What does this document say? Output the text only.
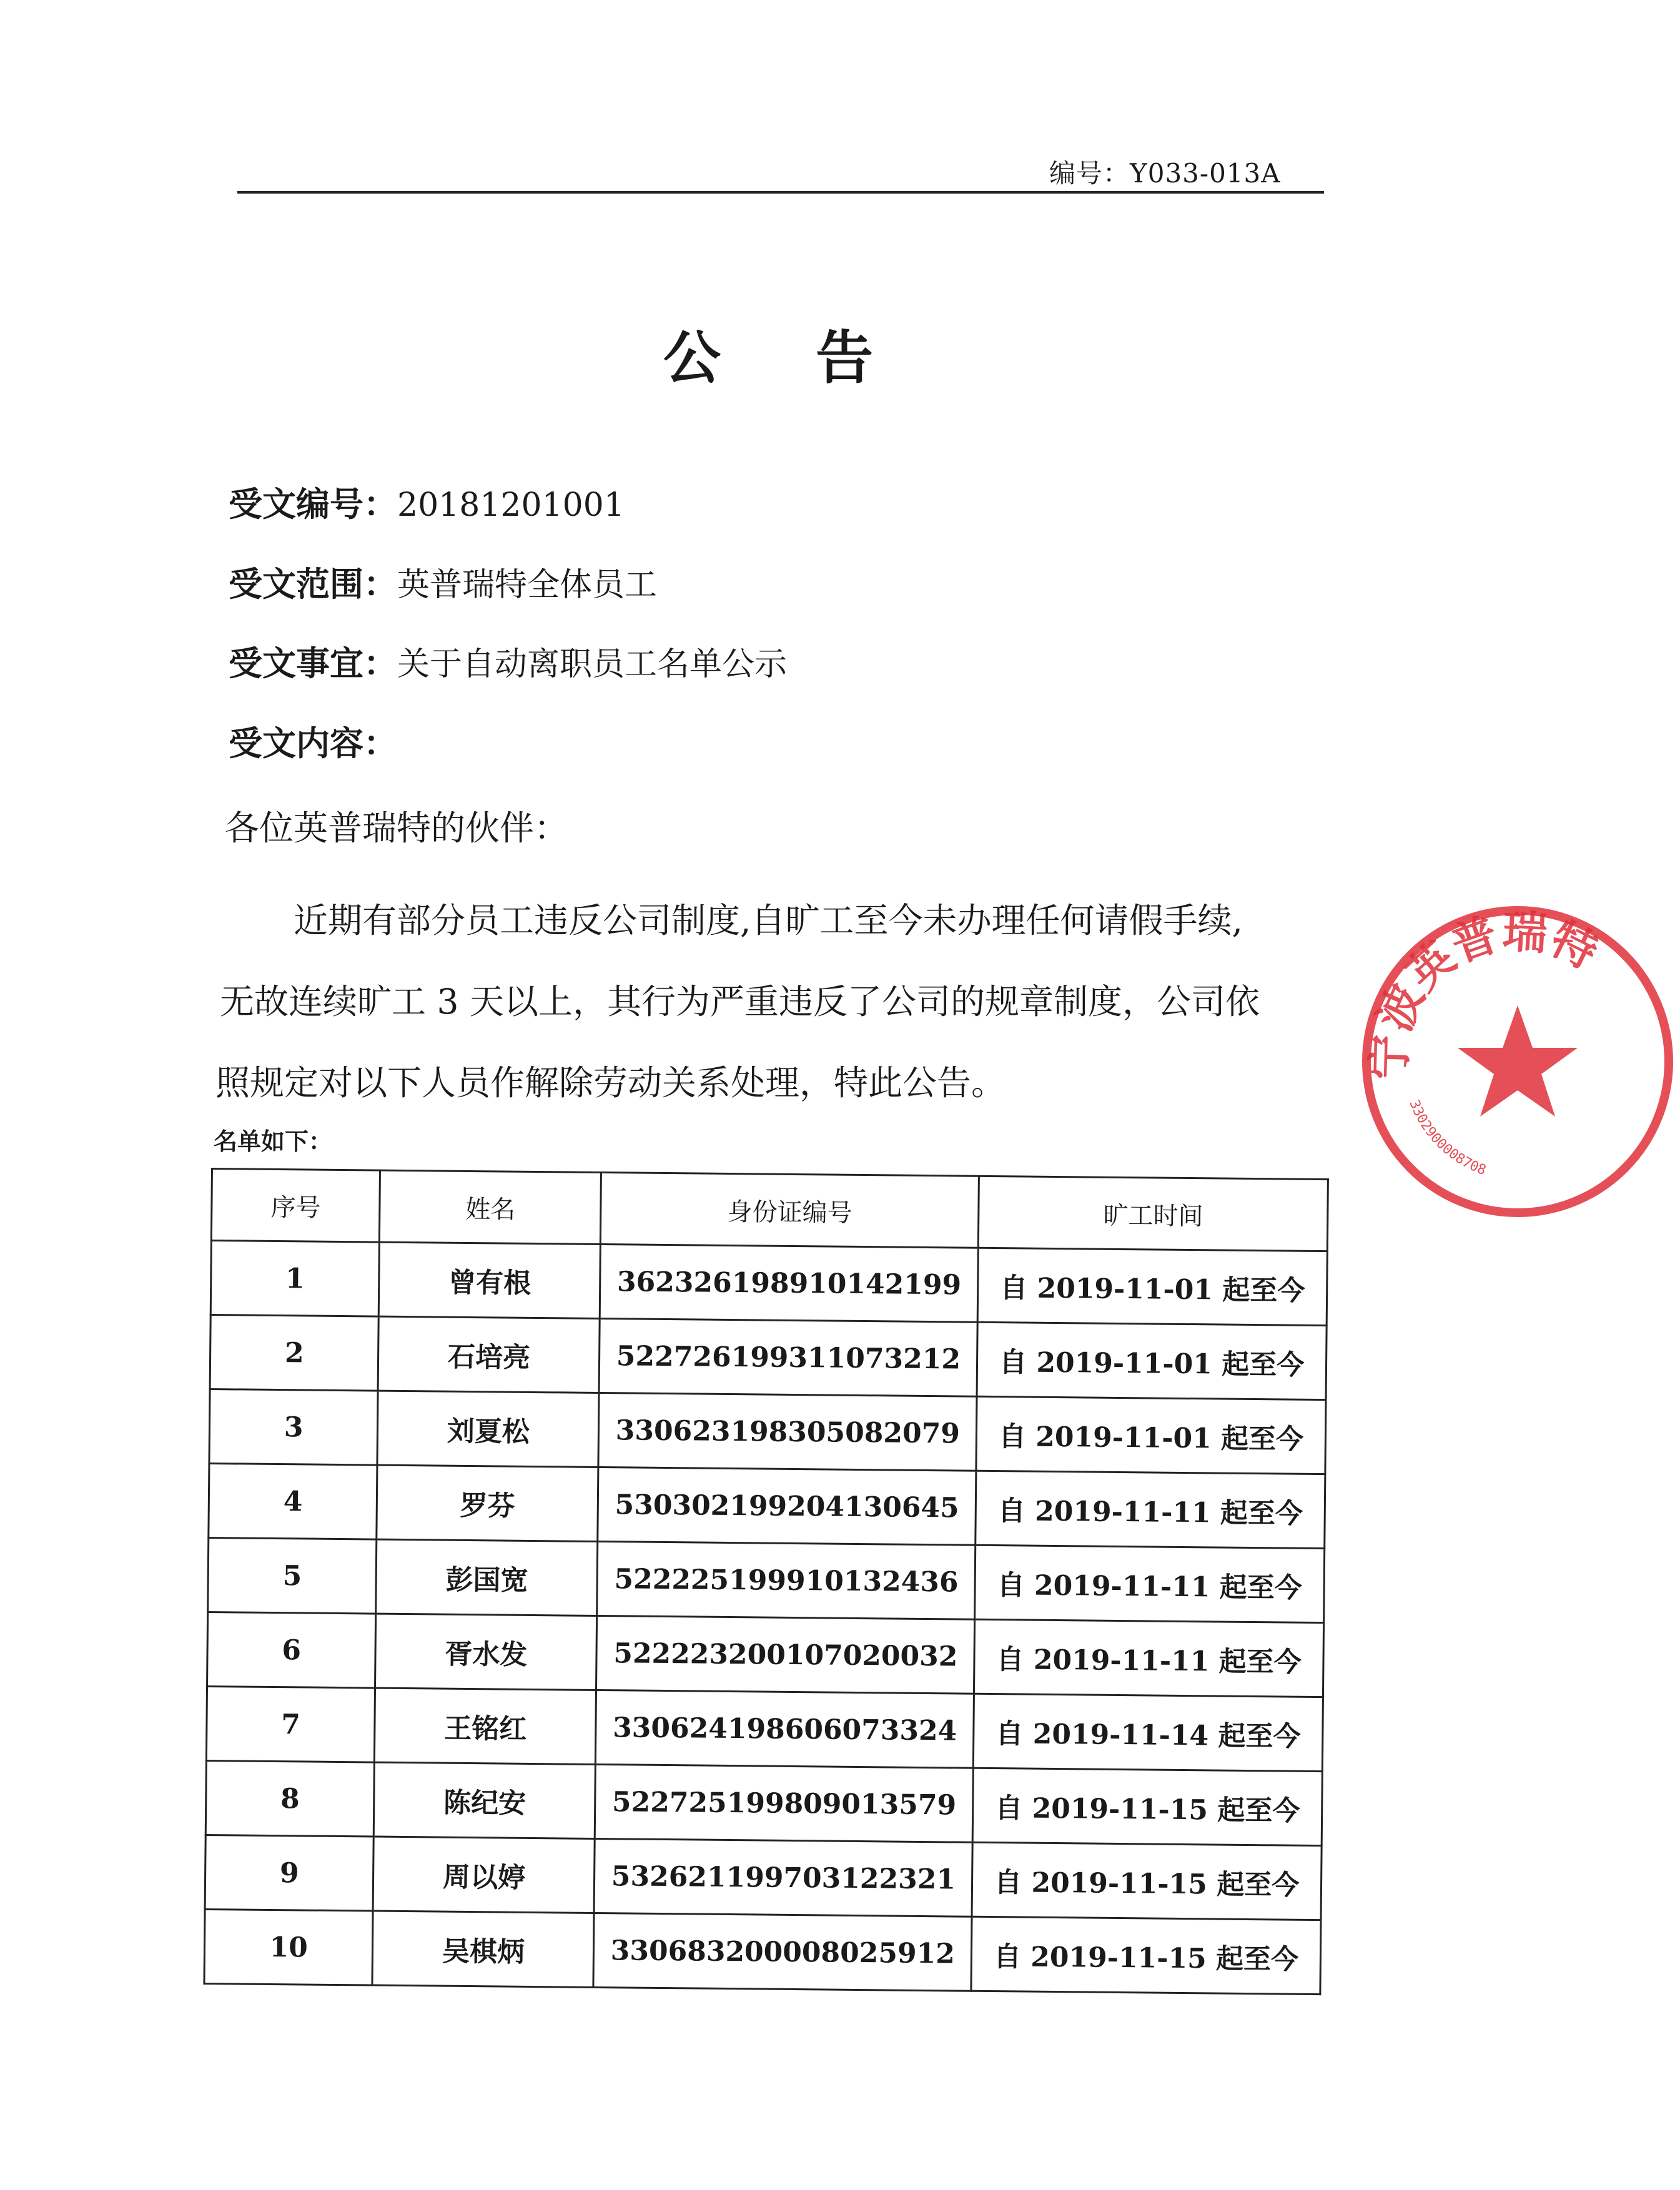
编号：Y033-013A
公 告
受文编号：20181201001
受文范围：英普瑞特全体员工
受文事宜：关于自动离职员工名单公示
受文内容：
各位英普瑞特的伙伴：
近期有部分员工违反公司制度,自旷工至今未办理任何请假手续,
无故连续旷工 3 天以上，其行为严重违反了公司的规章制度，公司依
照规定对以下人员作解除劳动关系处理，特此公告。
名单如下：
序号	姓名	身份证编号	旷工时间
1	曾有根	362326198910142199	自 2019-11-01 起至今
2	石培亮	522726199311073212	自 2019-11-01 起至今
3	刘夏松	330623198305082079	自 2019-11-01 起至今
4	罗芬	530302199204130645	自 2019-11-11 起至今
5	彭国宽	522225199910132436	自 2019-11-11 起至今
6	胥水发	522223200107020032	自 2019-11-11 起至今
7	王铭红	330624198606073324	自 2019-11-14 起至今
8	陈纪安	522725199809013579	自 2019-11-15 起至今
9	周以婷	532621199703122321	自 2019-11-15 起至今
10	吴棋炳	330683200008025912	自 2019-11-15 起至今
宁波英普瑞特
3302900008708
